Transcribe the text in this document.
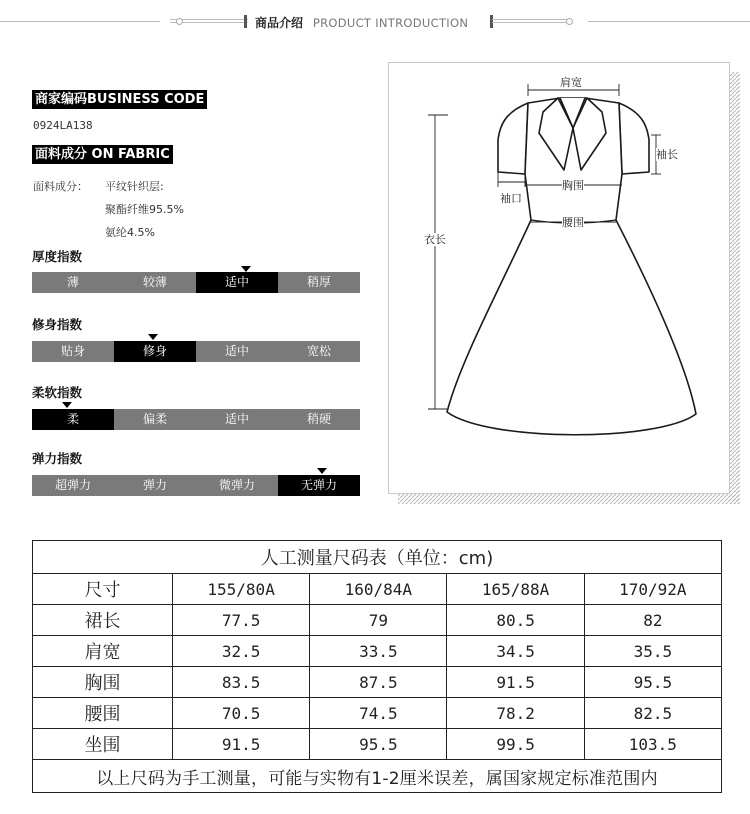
商品介绍 PRODUCT INTRODUCTION
商家编码BUSINESS CODE
0924LA138
面料成分 ON FABRIC
面料成分： 平纹针织层:
聚酯纤维95.5%
氨纶4.5%
厚度指数
薄	较薄	适中	稍厚
修身指数
贴身	修身	适中	宽松
柔软指数
柔	偏柔	适中	稍硬
弹力指数
超弹力	弹力	微弹力	无弹力
肩宽
袖长
袖口
胸围
腰围
衣长
人工测量尺码表（单位：cm)				
尺寸	155/80A	160/84A	165/88A	170/92A
裙长	77.5	79	80.5	82
肩宽	32.5	33.5	34.5	35.5
胸围	83.5	87.5	91.5	95.5
腰围	70.5	74.5	78.2	82.5
坐围	91.5	95.5	99.5	103.5
以上尺码为手工测量，可能与实物有1-2厘米误差，属国家规定标准范围内				
